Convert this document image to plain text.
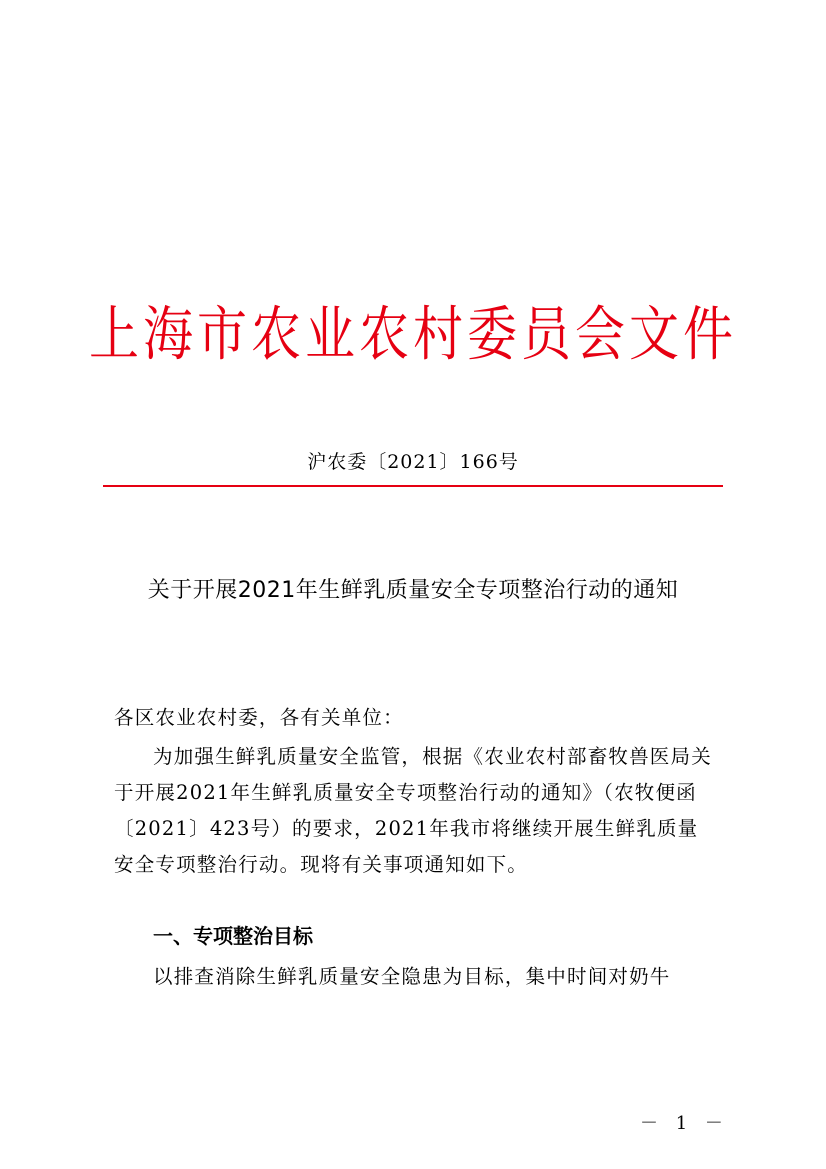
上海市农业农村委员会文件
沪农委〔2021〕166号
关于开展2021年生鲜乳质量安全专项整治行动的通知
各区农业农村委，各有关单位：
为加强生鲜乳质量安全监管，根据《农业农村部畜牧兽医局关于开展2021年生鲜乳质量安全专项整治行动的通知》（农牧便函〔2021〕423号）的要求，2021年我市将继续开展生鲜乳质量安全专项整治行动。现将有关事项通知如下。
一、专项整治目标
以排查消除生鲜乳质量安全隐患为目标，集中时间对奶牛
－ 1 －
